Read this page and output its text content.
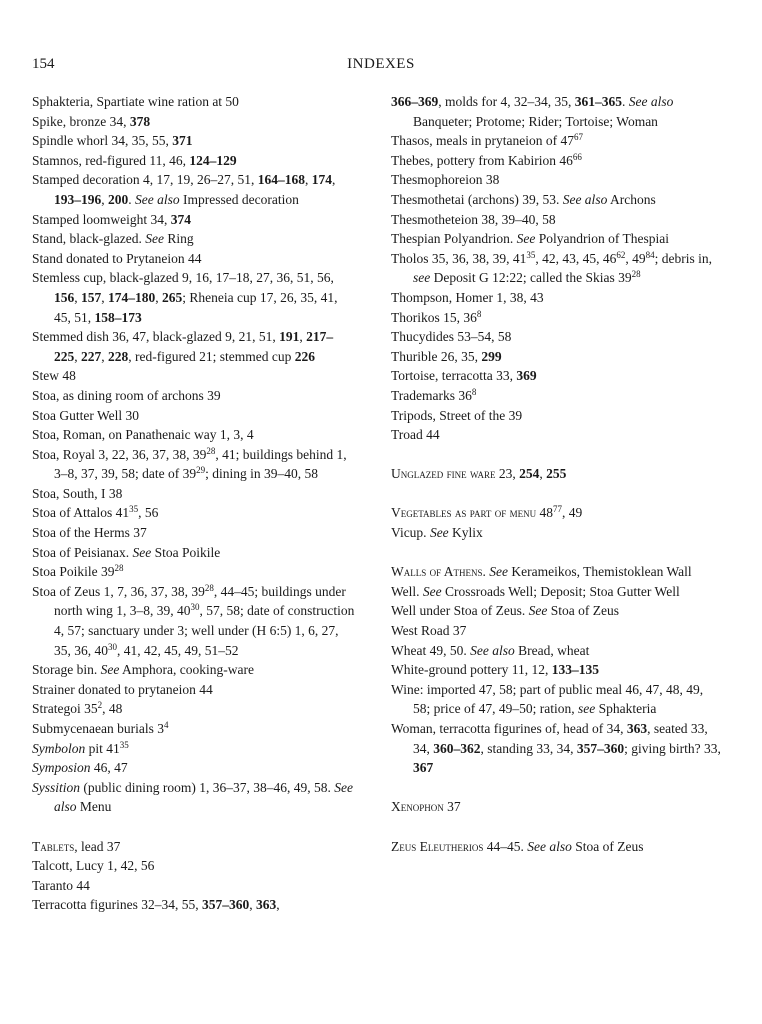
154	INDEXES

Sphakteria, Spartiate wine ration at 50

Spike, bronze 34, 378

Spindle whorl 34, 35, 55, 371

Stamnos, red-figured 11, 46, 124–129

Stamped decoration 4, 17, 19, 26–27, 51, 164–168, 174, 193–196, 200. See also Impressed decoration

Stamped loomweight 34, 374

Stand, black-glazed. See Ring

Stand donated to Prytaneion 44

Stemless cup, black-glazed 9, 16, 17–18, 27, 36, 51, 56, 156, 157, 174–180, 265; Rheneia cup 17, 26, 35, 41, 45, 51, 158–173

Stemmed dish 36, 47, black-glazed 9, 21, 51, 191, 217–225, 227, 228, red-figured 21; stemmed cup 226

Stew 48

Stoa, as dining room of archons 39

Stoa Gutter Well 30

Stoa, Roman, on Panathenaic way 1, 3, 4

Stoa, Royal 3, 22, 36, 37, 38, $39^{28}$, 41; buildings behind 1, 3–8, 37, 39, 58; date of $39^{29}$; dining in 39–40, 58

Stoa, South, I 38

Stoa of Attalos $41^{35}$, 56

Stoa of the Herms 37

Stoa of Peisianax. See Stoa Poikile

Stoa Poikile $39^{28}$

Stoa of Zeus 1, 7, 36, 37, 38, $39^{28}$, 44–45; buildings under north wing 1, 3–8, 39, $40^{30}$, 57, 58; date of construction 4, 57; sanctuary under 3; well under (H 6:5) 1, 6, 27, 35, 36, $40^{30}$, 41, 42, 45, 49, 51–52

Storage bin. See Amphora, cooking-ware

Strainer donated to prytaneion 44

Strategoi $35^2$, 48

Submycenaean burials $3^4$

Symbolon pit $41^{35}$

Symposion 46, 47

Syssition (public dining room) 1, 36–37, 38–46, 49, 58. See also Menu

Tablets, lead 37

Talcott, Lucy 1, 42, 56

Taranto 44

Terracotta figurines 32–34, 55, 357–360, 363,

366–369, molds for 4, 32–34, 35, 361–365. See also Banqueter; Protome; Rider; Tortoise; Woman

Thasos, meals in prytaneion of $47^{67}$

Thebes, pottery from Kabirion $46^{66}$

Thesmophoreion 38

Thesmothetai (archons) 39, 53. See also Archons

Thesmotheteion 38, 39–40, 58

Thespian Polyandrion. See Polyandrion of Thespiai

Tholos 35, 36, 38, 39, $41^{35}$, 42, 43, 45, $46^{62}$, $49^{84}$; debris in, see Deposit G 12:22; called the Skias $39^{28}$

Thompson, Homer 1, 38, 43

Thorikos 15, $36^8$

Thucydides 53–54, 58

Thurible 26, 35, 299

Tortoise, terracotta 33, 369

Trademarks $36^8$

Tripods, Street of the 39

Troad 44

Unglazed fine ware 23, 254, 255

Vegetables as part of menu $48^{77}$, 49

Vicup. See Kylix

Walls of Athens. See Kerameikos, Themistoklean Wall

Well. See Crossroads Well; Deposit; Stoa Gutter Well

Well under Stoa of Zeus. See Stoa of Zeus

West Road 37

Wheat 49, 50. See also Bread, wheat

White-ground pottery 11, 12, 133–135

Wine: imported 47, 58; part of public meal 46, 47, 48, 49, 58; price of 47, 49–50; ration, see Sphakteria

Woman, terracotta figurines of, head of 34, 363, seated 33, 34, 360–362, standing 33, 34, 357–360; giving birth? 33, 367

Xenophon 37

Zeus Eleutherios 44–45. See also Stoa of Zeus
